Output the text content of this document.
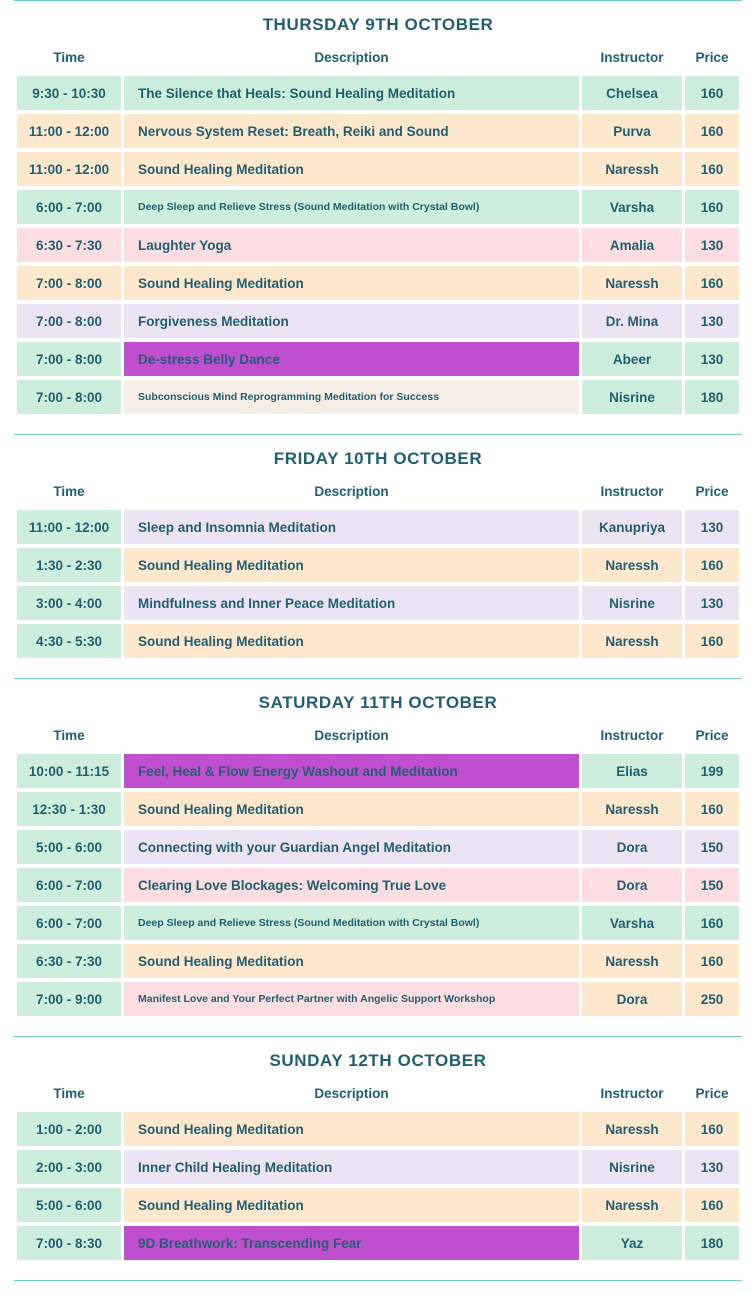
THURSDAY 9TH OCTOBER
Time	Description	Instructor	Price
9:30 - 10:30	The Silence that Heals: Sound Healing Meditation	Chelsea	160
11:00 - 12:00	Nervous System Reset: Breath, Reiki and Sound	Purva	160
11:00 - 12:00	Sound Healing Meditation	Naressh	160
6:00 - 7:00	Deep Sleep and Relieve Stress (Sound Meditation with Crystal Bowl)	Varsha	160
6:30 - 7:30	Laughter Yoga	Amalia	130
7:00 - 8:00	Sound Healing Meditation	Naressh	160
7:00 - 8:00	Forgiveness Meditation	Dr. Mina	130
7:00 - 8:00	De-stress Belly Dance	Abeer	130
7:00 - 8:00	Subconscious Mind Reprogramming Meditation for Success	Nisrine	180
FRIDAY 10TH OCTOBER
Time	Description	Instructor	Price
11:00 - 12:00	Sleep and Insomnia Meditation	Kanupriya	130
1:30 - 2:30	Sound Healing Meditation	Naressh	160
3:00 - 4:00	Mindfulness and Inner Peace Meditation	Nisrine	130
4:30 - 5:30	Sound Healing Meditation	Naressh	160
SATURDAY 11TH OCTOBER
Time	Description	Instructor	Price
10:00 - 11:15	Feel, Heal & Flow Energy Washout and Meditation	Elias	199
12:30 - 1:30	Sound Healing Meditation	Naressh	160
5:00 - 6:00	Connecting with your Guardian Angel Meditation	Dora	150
6:00 - 7:00	Clearing Love Blockages: Welcoming True Love	Dora	150
6:00 - 7:00	Deep Sleep and Relieve Stress (Sound Meditation with Crystal Bowl)	Varsha	160
6:30 - 7:30	Sound Healing Meditation	Naressh	160
7:00 - 9:00	Manifest Love and Your Perfect Partner with Angelic Support Workshop	Dora	250
SUNDAY 12TH OCTOBER
Time	Description	Instructor	Price
1:00 - 2:00	Sound Healing Meditation	Naressh	160
2:00 - 3:00	Inner Child Healing Meditation	Nisrine	130
5:00 - 6:00	Sound Healing Meditation	Naressh	160
7:00 - 8:30	9D Breathwork: Transcending Fear	Yaz	180
